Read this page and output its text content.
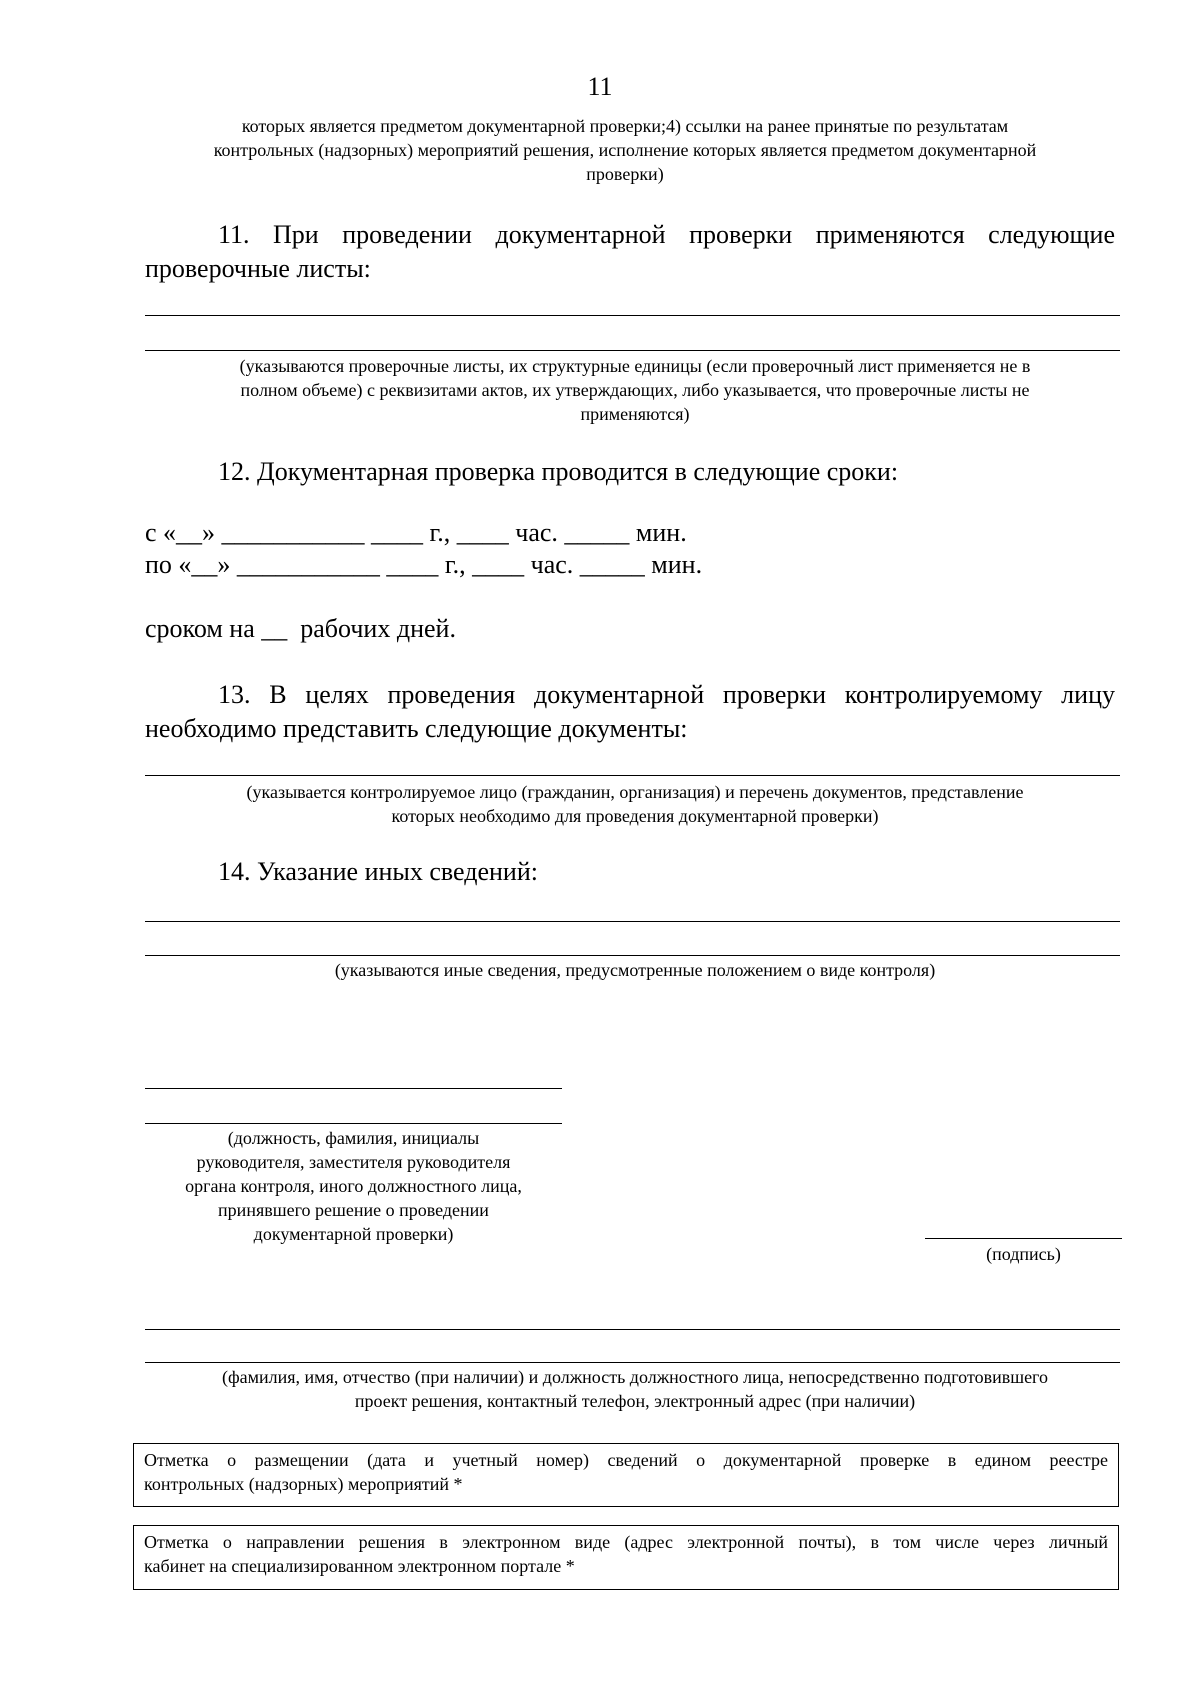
11
которых является предметом документарной проверки;4) ссылки на ранее принятые по результатам
контрольных (надзорных) мероприятий решения, исполнение которых является предметом документарной
проверки)
11. При проведении документарной проверки применяются следующие
проверочные листы:
(указываются проверочные листы, их структурные единицы (если проверочный лист применяется не в
полном объеме) с реквизитами актов, их утверждающих, либо указывается, что проверочные листы не
применяются)
12. Документарная проверка проводится в следующие сроки:
с «__» ___________ ____ г., ____ час. _____ мин.
по «__» ___________ ____ г., ____ час. _____ мин.
сроком на __  рабочих дней.
13. В целях проведения документарной проверки контролируемому лицу
необходимо представить следующие документы:
(указывается контролируемое лицо (гражданин, организация) и перечень документов, представление
которых необходимо для проведения документарной проверки)
14. Указание иных сведений:
(указываются иные сведения, предусмотренные положением о виде контроля)
(должность, фамилия, инициалы
руководителя, заместителя руководителя
органа контроля, иного должностного лица,
принявшего решение о проведении
документарной проверки)
(подпись)
(фамилия, имя, отчество (при наличии) и должность должностного лица, непосредственно подготовившего
проект решения, контактный телефон, электронный адрес (при наличии)
Отметка о размещении (дата и учетный номер) сведений о документарной проверке в едином реестре
контрольных (надзорных) мероприятий *
Отметка о направлении решения в электронном виде (адрес электронной почты), в том числе через личный
кабинет на специализированном электронном портале *
